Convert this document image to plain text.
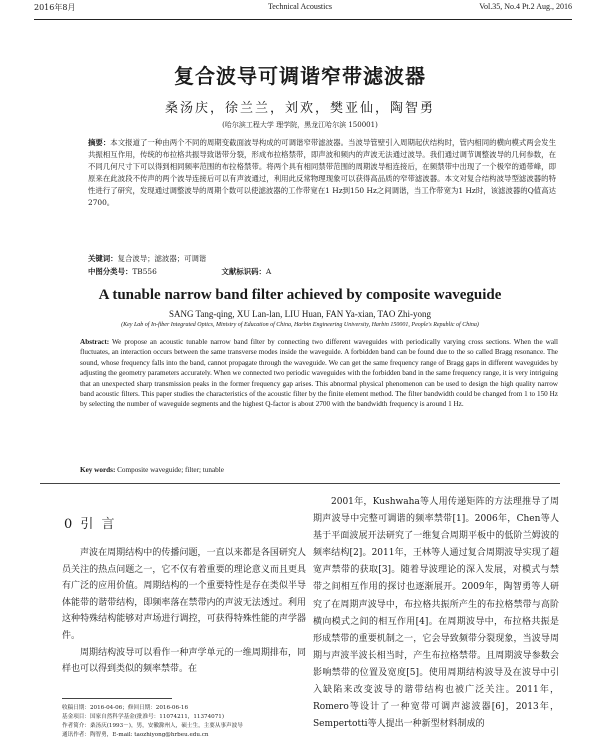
2016年8月	Technical Acoustics	Vol.35, No.4 Pt.2 Aug., 2016
复合波导可调谐窄带滤波器
桑汤庆，徐兰兰，刘欢，樊亚仙，陶智勇
(哈尔滨工程大学 理学院，黑龙江哈尔滨 150001)
摘要：本文报道了一种由两个不同的周期变截面波导构成的可调谐窄带滤波器。当波导管壁引入周期起伏结构时，管内相同的横向模式两会发生共振相互作用，传统的布拉格共振导致谐带分裂，形成布拉格禁带，即声波和频内的声波无法通过波导。我们通过调节调整波导的几何参数，在不同几何尺寸下可以得到相同频率范围的布拉格禁带。将两个具有相同禁带范围的周期波导相连接后，在频禁带中出现了一个极窄的通带峰，即原来在此波段不传声的两个波导连接后可以有声波通过，利用此反常物理现象可以获得高品质的窄带滤波器。本文对复合结构波导型滤波器的特性进行了研究，发现通过调整波导的周期个数可以使滤波器的工作带宽在1 Hz到150 Hz之间调谐，当工作带宽为1 Hz时，该滤波器的Q值高达2700。
关键词：复合波导；滤波器；可调谐
中图分类号：TB556	文献标识码：A
A tunable narrow band filter achieved by composite waveguide
SANG Tang-qing, XU Lan-lan, LIU Huan, FAN Ya-xian, TAO Zhi-yong
(Key Lab of In-fiber Integrated Optics, Ministry of Education of China, Harbin Engineering University, Harbin 150001, People's Republic of China)
Abstract: We propose an acoustic tunable narrow band filter by connecting two different waveguides with periodically varying cross sections. When the wall fluctuates, an interaction occurs between the same transverse modes inside the waveguide. A forbidden band can be found due to the so called Bragg resonance. The sound, whose frequency falls into the band, cannot propagate through the waveguide. We can get the same frequency range of Bragg gaps in different waveguides by adjusting the geometry parameters accurately. When we connected two periodic waveguides with the forbidden band in the same frequency range, it is very intriguing that an unexpected sharp transmission peaks in the former frequency gap arises. This abnormal physical phenomenon can be used to design the high quality narrow band acoustic filters. This paper studies the characteristics of the acoustic filter by the finite element method. The filter bandwidth could be changed from 1 to 150 Hz by selecting the number of waveguide segments and the highest Q-factor is about 2700 with the bandwidth frequency is around 1 Hz.
Key words: Composite waveguide; filter; tunable
0 引 言

声波在周期结构中的传播问题，一直以来都是各国研究人员关注的热点问题之一，它不仅有着重要的理论意义而且更具有广泛的应用价值。周期结构的一个重要特性是存在类似半导体能带的谐带结构，即频率落在禁带内的声波无法透过。利用这种特殊结构能够对声场进行调控，可获得特殊性能的声学器件。

周期结构波导可以看作一种声学单元的一维周期排布，同样也可以得到类似的频率禁带。在

2001年，Kushwaha等人用传递矩阵的方法理推导了周期声波导中完整可调谐的频率禁带[1]。2006年，Chen等人基于平面波展开法研究了一维复合周期平板中的低阶兰姆波的频率结构[2]。2011年，王林等人通过复合周期波导实现了超宽声禁带的获取[3]。随着导波理论的深入发展，对模式与禁带之间相互作用的探讨也逐渐展开。2009年，陶智勇等人研究了在周期声波导中，布拉格共振所产生的布拉格禁带与高阶横向模式之间的相互作用[4]。在周期波导中，布拉格共振是形成禁带的重要机制之一，它会导致频带分裂现象，当波导周期与声波半波长相当时，产生布拉格禁带。且周期波导参数会影响禁带的位置及宽度[5]。使用周期结构波导及在波导中引入缺陷来改变波导的谐带结构也被广泛关注。2011年，Romero等设计了一种宽带可调声滤波器[6]，2013年，Sempertotti等人提出一种新型材料制成的
收稿日期：2016-04-06；修回日期：2016-06-16
基金项目：国家自然科学基金(批准号：11074211，11374071)
作者简介：桑汤庆(1993－)，男，安徽滁州人，硕士生，主要从事声波导
通讯作者：陶智勇，E-mail: taozhiyong@hrbeu.edu.cn
